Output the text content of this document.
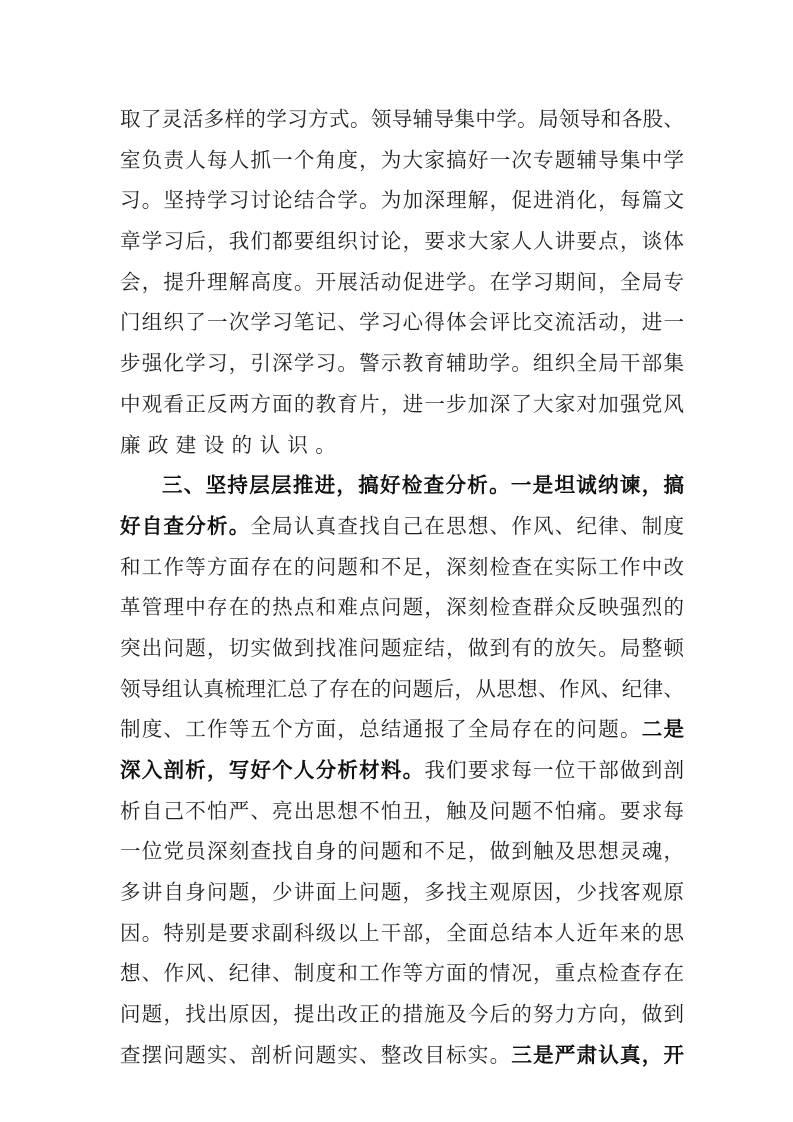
取了灵活多样的学习方式。领导辅导集中学。局领导和各股、
室负责人每人抓一个角度，为大家搞好一次专题辅导集中学
习。坚持学习讨论结合学。为加深理解，促进消化，每篇文
章学习后，我们都要组织讨论，要求大家人人讲要点，谈体
会，提升理解高度。开展活动促进学。在学习期间，全局专
门组织了一次学习笔记、学习心得体会评比交流活动，进一
步强化学习，引深学习。警示教育辅助学。组织全局干部集
中观看正反两方面的教育片，进一步加深了大家对加强党风
廉政建设的认识。
三、坚持层层推进，搞好检查分析。一是坦诚纳谏，搞
好自查分析。全局认真查找自己在思想、作风、纪律、制度
和工作等方面存在的问题和不足，深刻检查在实际工作中改
革管理中存在的热点和难点问题，深刻检查群众反映强烈的
突出问题，切实做到找准问题症结，做到有的放矢。局整顿
领导组认真梳理汇总了存在的问题后，从思想、作风、纪律、
制度、工作等五个方面，总结通报了全局存在的问题。二是
深入剖析，写好个人分析材料。我们要求每一位干部做到剖
析自己不怕严、亮出思想不怕丑，触及问题不怕痛。要求每
一位党员深刻查找自身的问题和不足，做到触及思想灵魂，
多讲自身问题，少讲面上问题，多找主观原因，少找客观原
因。特别是要求副科级以上干部，全面总结本人近年来的思
想、作风、纪律、制度和工作等方面的情况，重点检查存在
问题，找出原因，提出改正的措施及今后的努力方向，做到
查摆问题实、剖析问题实、整改目标实。三是严肃认真，开
